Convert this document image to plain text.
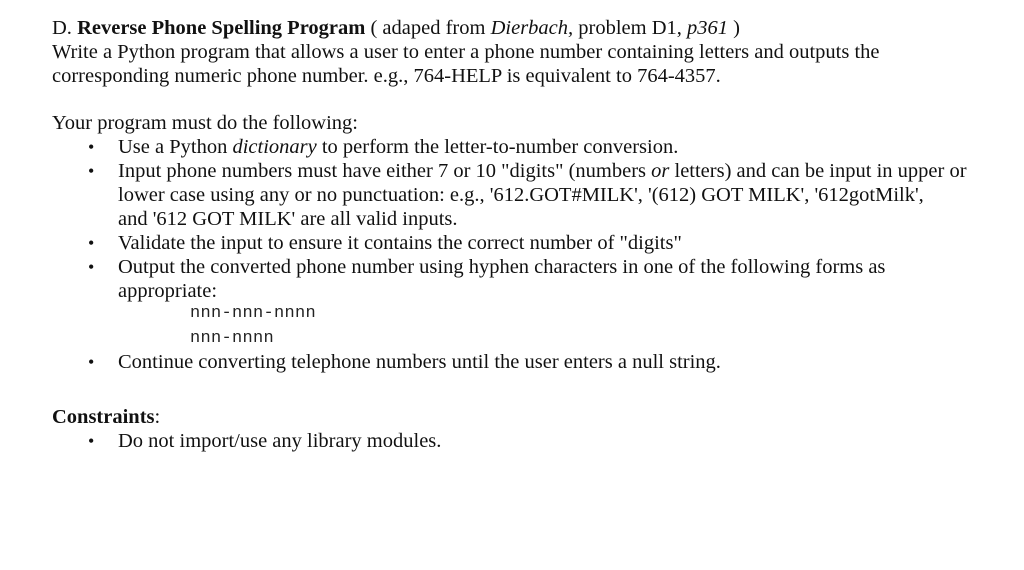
D. Reverse Phone Spelling Program ( adaped from Dierbach, problem D1, p361 )
Write a Python program that allows a user to enter a phone number containing letters and outputs the
corresponding numeric phone number. e.g., 764-HELP is equivalent to 764-4357.
Your program must do the following:
• Use a Python dictionary to perform the letter-to-number conversion.
• Input phone numbers must have either 7 or 10 "digits" (numbers or letters) and can be input in upper or
lower case using any or no punctuation: e.g., '612.GOT#MILK', '(612) GOT MILK', '612gotMilk',
and '612 GOT MILK' are all valid inputs.
• Validate the input to ensure it contains the correct number of "digits"
• Output the converted phone number using hyphen characters in one of the following forms as
appropriate:
nnn-nnn-nnnn
nnn-nnnn
• Continue converting telephone numbers until the user enters a null string.
Constraints:
• Do not import/use any library modules.
